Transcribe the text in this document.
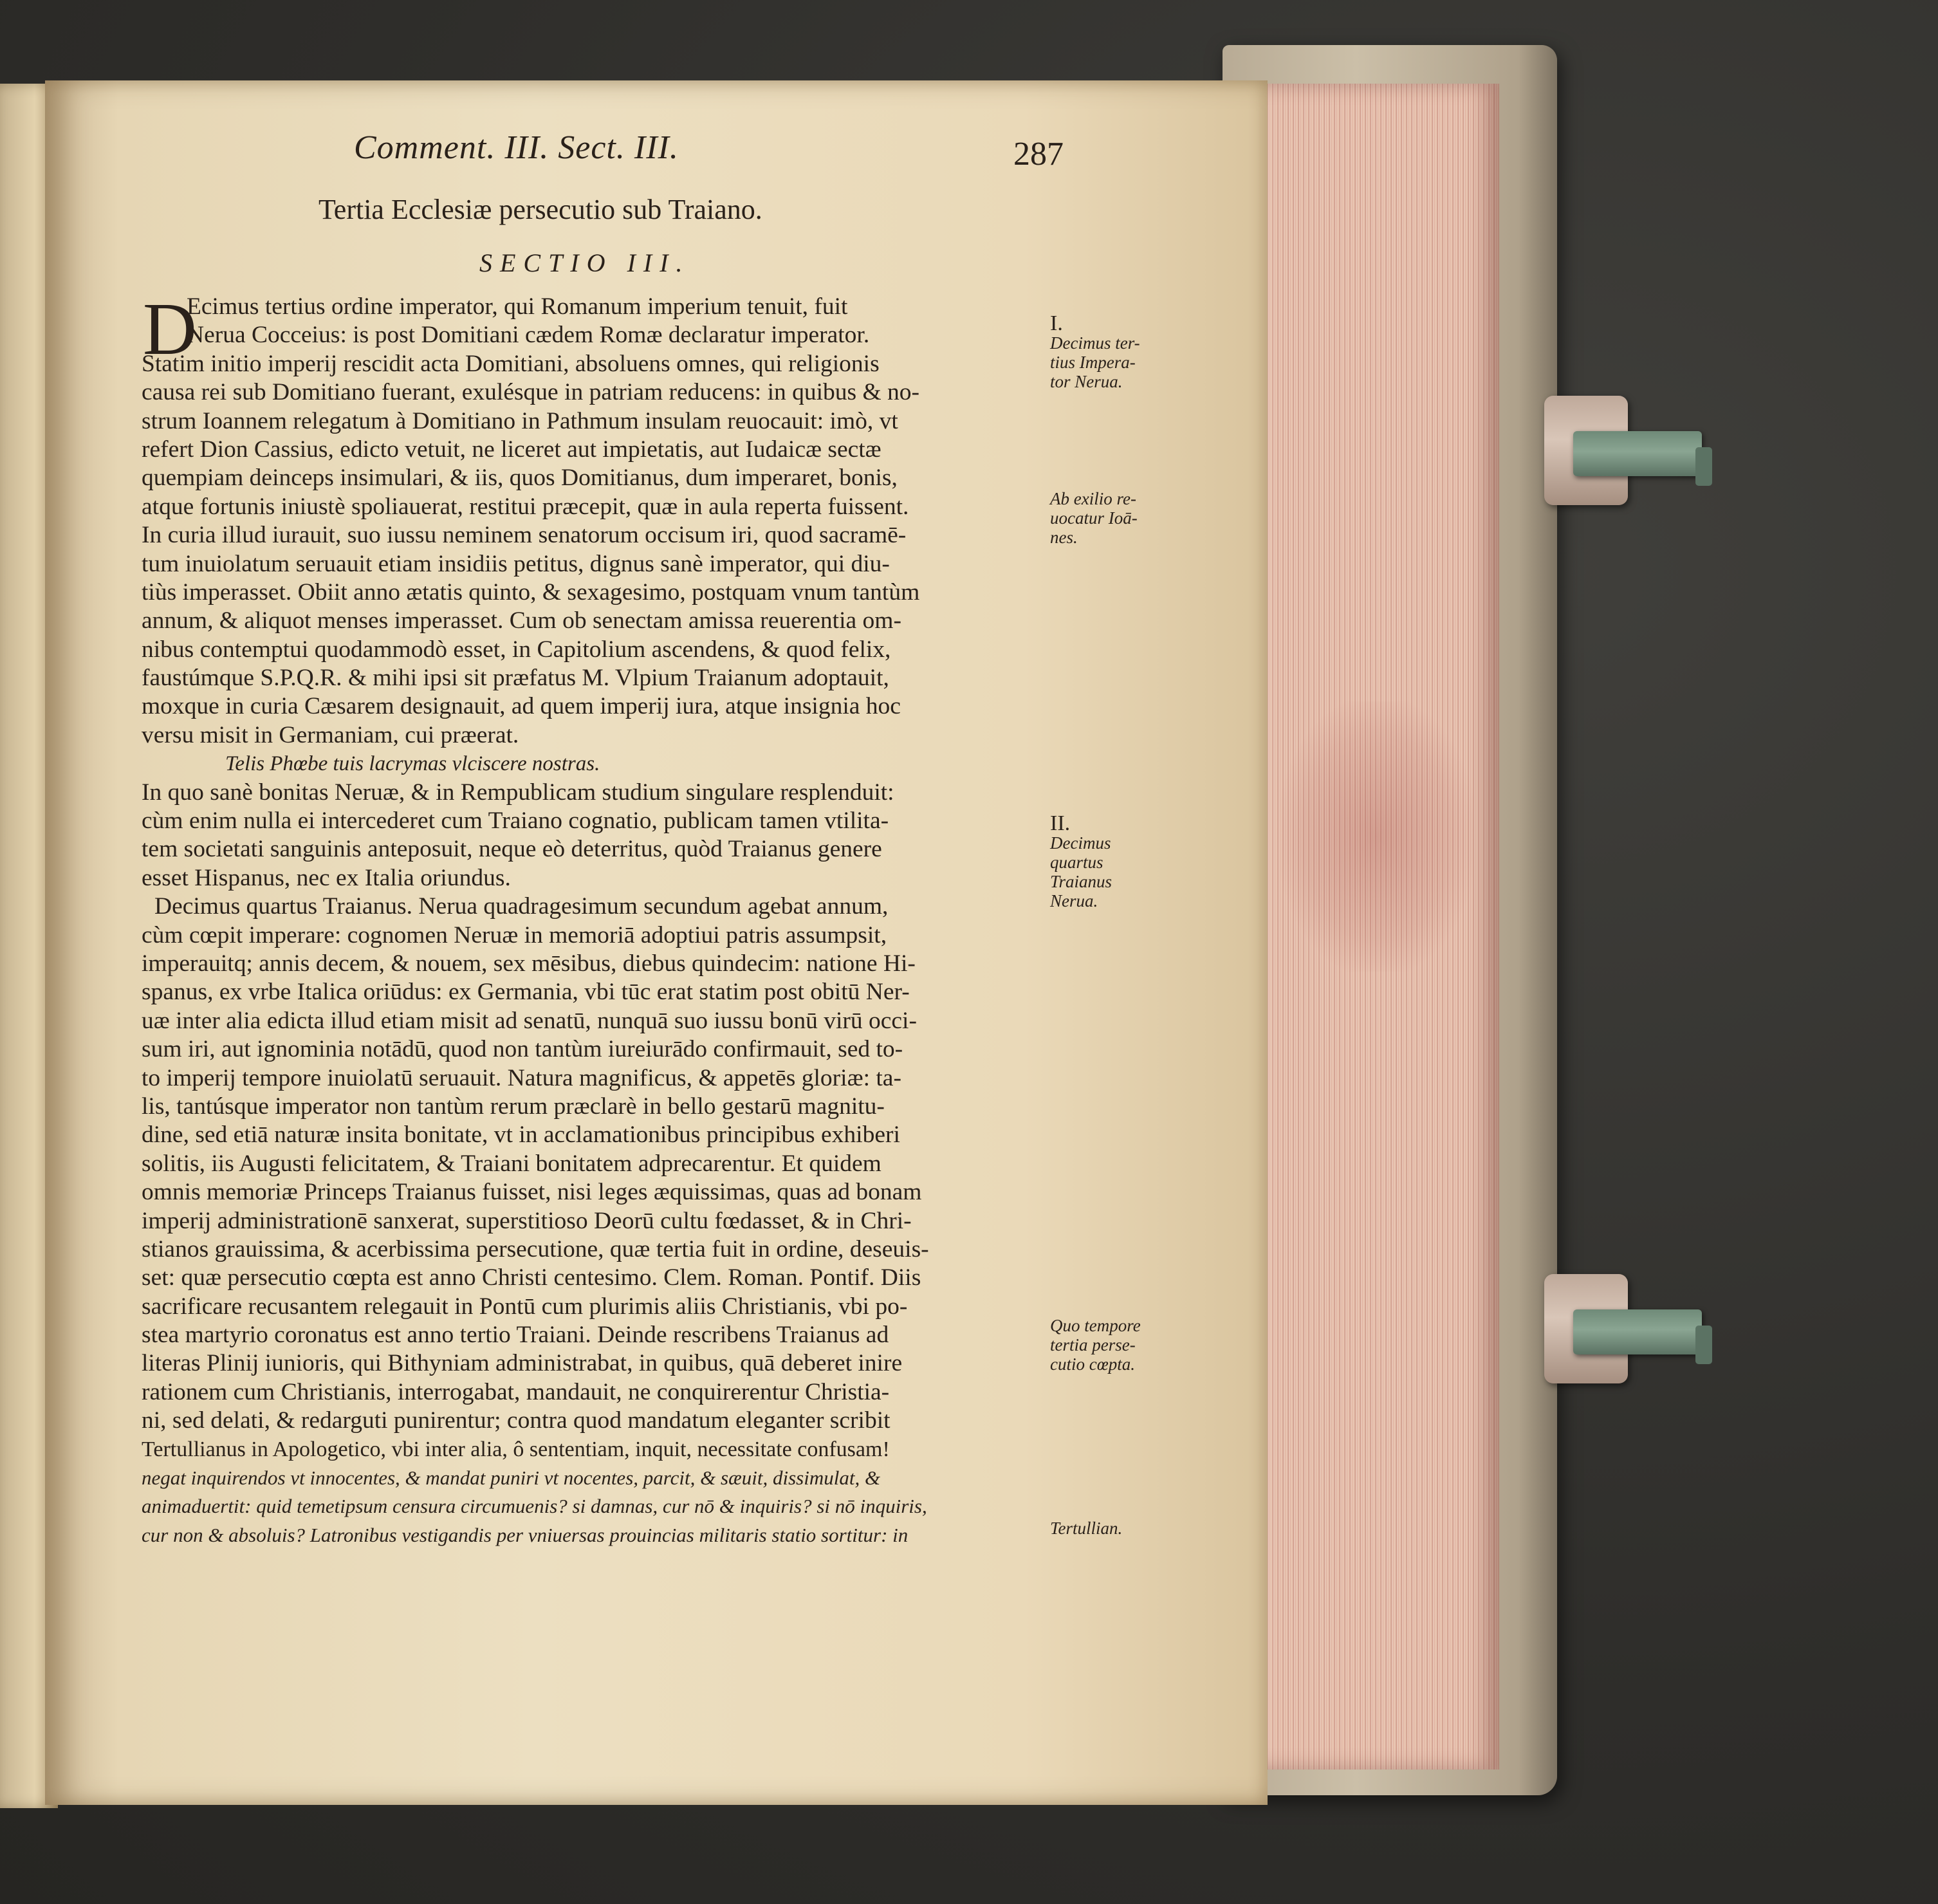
Comment. III. Sect. III.	287
Tertia Ecclesiæ persecutio sub Traiano.
SECTIO III.
D
Ecimus tertius ordine imperator, qui Romanum imperium tenuit, fuit
Nerua Cocceius: is post Domitiani cædem Romæ declaratur imperator.
Statim initio imperij rescidit acta Domitiani, absoluens omnes, qui religionis
causa rei sub Domitiano fuerant, exulésque in patriam reducens: in quibus & no-
strum Ioannem relegatum à Domitiano in Pathmum insulam reuocauit: imò, vt
refert Dion Cassius, edicto vetuit, ne liceret aut impietatis, aut Iudaicæ sectæ
quempiam deinceps insimulari, & iis, quos Domitianus, dum imperaret, bonis,
atque fortunis iniustè spoliauerat, restitui præcepit, quæ in aula reperta fuissent.
In curia illud iurauit, suo iussu neminem senatorum occisum iri, quod sacramē-
tum inuiolatum seruauit etiam insidiis petitus, dignus sanè imperator, qui diu-
tiùs imperasset. Obiit anno ætatis quinto, & sexagesimo, postquam vnum tantùm
annum, & aliquot menses imperasset. Cum ob senectam amissa reuerentia om-
nibus contemptui quodammodò esset, in Capitolium ascendens, & quod felix,
faustúmque S.P.Q.R. & mihi ipsi sit præfatus M. Vlpium Traianum adoptauit,
moxque in curia Cæsarem designauit, ad quem imperij iura, atque insignia hoc
versu misit in Germaniam, cui præerat.
Telis Phœbe tuis lacrymas vlciscere nostras.
In quo sanè bonitas Neruæ, & in Rempublicam studium singulare resplenduit:
cùm enim nulla ei intercederet cum Traiano cognatio, publicam tamen vtilita-
tem societati sanguinis anteposuit, neque eò deterritus, quòd Traianus genere
esset Hispanus, nec ex Italia oriundus.
Decimus quartus Traianus. Nerua quadragesimum secundum agebat annum,
cùm cœpit imperare: cognomen Neruæ in memoriā adoptiui patris assumpsit,
imperauitq; annis decem, & nouem, sex mēsibus, diebus quindecim: natione Hi-
spanus, ex vrbe Italica oriūdus: ex Germania, vbi tūc erat statim post obitū Ner-
uæ inter alia edicta illud etiam misit ad senatū, nunquā suo iussu bonū virū occi-
sum iri, aut ignominia notādū, quod non tantùm iureiurādo confirmauit, sed to-
to imperij tempore inuiolatū seruauit. Natura magnificus, & appetēs gloriæ: ta-
lis, tantúsque imperator non tantùm rerum præclarè in bello gestarū magnitu-
dine, sed etiā naturæ insita bonitate, vt in acclamationibus principibus exhiberi
solitis, iis Augusti felicitatem, & Traiani bonitatem adprecarentur. Et quidem
omnis memoriæ Princeps Traianus fuisset, nisi leges æquissimas, quas ad bonam
imperij administrationē sanxerat, superstitioso Deorū cultu fœdasset, & in Chri-
stianos grauissima, & acerbissima persecutione, quæ tertia fuit in ordine, deseuis-
set: quæ persecutio cœpta est anno Christi centesimo. Clem. Roman. Pontif. Diis
sacrificare recusantem relegauit in Pontū cum plurimis aliis Christianis, vbi po-
stea martyrio coronatus est anno tertio Traiani. Deinde rescribens Traianus ad
literas Plinij iunioris, qui Bithyniam administrabat, in quibus, quā deberet inire
rationem cum Christianis, interrogabat, mandauit, ne conquirerentur Christia-
ni, sed delati, & redarguti punirentur; contra quod mandatum eleganter scribit
Tertullianus in Apologetico, vbi inter alia, ô sententiam, inquit, necessitate confusam!
negat inquirendos vt innocentes, & mandat puniri vt nocentes, parcit, & sæuit, dissimulat, &
animaduertit: quid temetipsum censura circumuenis? si damnas, cur nō & inquiris? si nō inquiris,
cur non & absoluis? Latronibus vestigandis per vniuersas prouincias militaris statio sortitur: in
I.
Decimus ter-
tius Impera-
tor Nerua.
Ab exilio re-
uocatur Ioā-
nes.
II.
Decimus
quartus
Traianus
Nerua.
Quo tempore
tertia perse-
cutio cœpta.
Tertullian.
